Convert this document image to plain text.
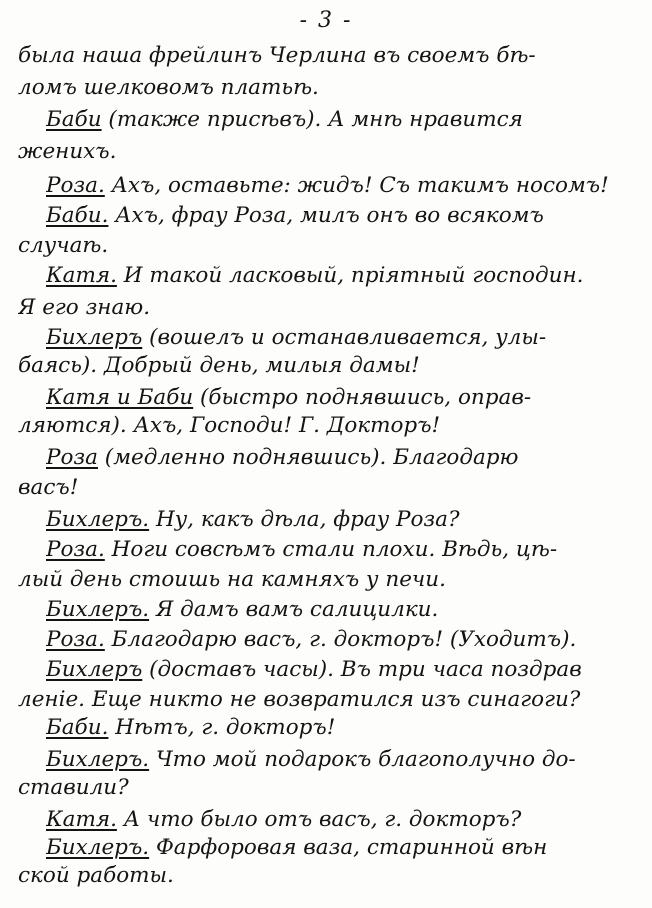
- 3 -
была наша фрейлинъ Черлина въ своемъ бѣ-
ломъ шелковомъ платьѣ.
Баби (также присѣвъ). А мнѣ нравится
женихъ.
Роза. Ахъ, оставьте: жидъ! Съ такимъ носомъ!
Баби. Ахъ, фрау Роза, милъ онъ во всякомъ
случаѣ.
Катя. И такой ласковый, пріятный господин.
Я его знаю.
Бихлеръ (вошелъ и останавливается, улы-
баясь). Добрый день, милыя дамы!
Катя и Баби (быстро поднявшись, оправ-
ляются). Ахъ, Господи! Г. Докторъ!
Роза (медленно поднявшись). Благодарю
васъ!
Бихлеръ. Ну, какъ дѣла, фрау Роза?
Роза. Ноги совсѣмъ стали плохи. Вѣдь, цѣ-
лый день стоишь на камняхъ у печи.
Бихлеръ. Я дамъ вамъ салицилки.
Роза. Благодарю васъ, г. докторъ! (Уходитъ).
Бихлеръ (доставъ часы). Въ три часа поздрав
леніе. Еще никто не возвратился изъ синагоги?
Баби. Нѣтъ, г. докторъ!
Бихлеръ. Что мой подарокъ благополучно до-
ставили?
Катя. А что было отъ васъ, г. докторъ?
Бихлеръ. Фарфоровая ваза, старинной вѣн
ской работы.
